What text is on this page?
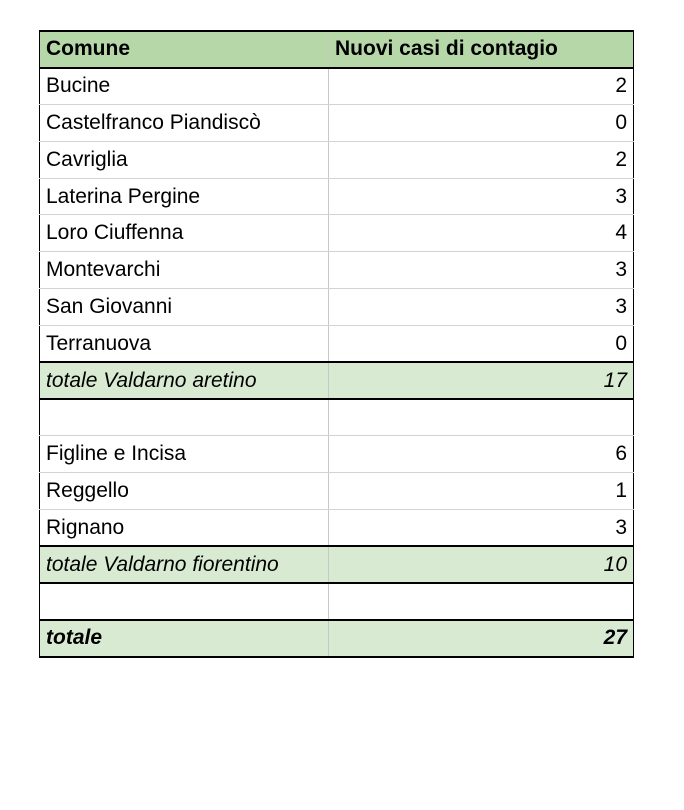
Comune	Nuovi casi di contagio
Bucine	2
Castelfranco Piandiscò	0
Cavriglia	2
Laterina Pergine	3
Loro Ciuffenna	4
Montevarchi	3
San Giovanni	3
Terranuova	0
totale Valdarno aretino	17

Figline e Incisa	6
Reggello	1
Rignano	3
totale Valdarno fiorentino	10

totale	27
